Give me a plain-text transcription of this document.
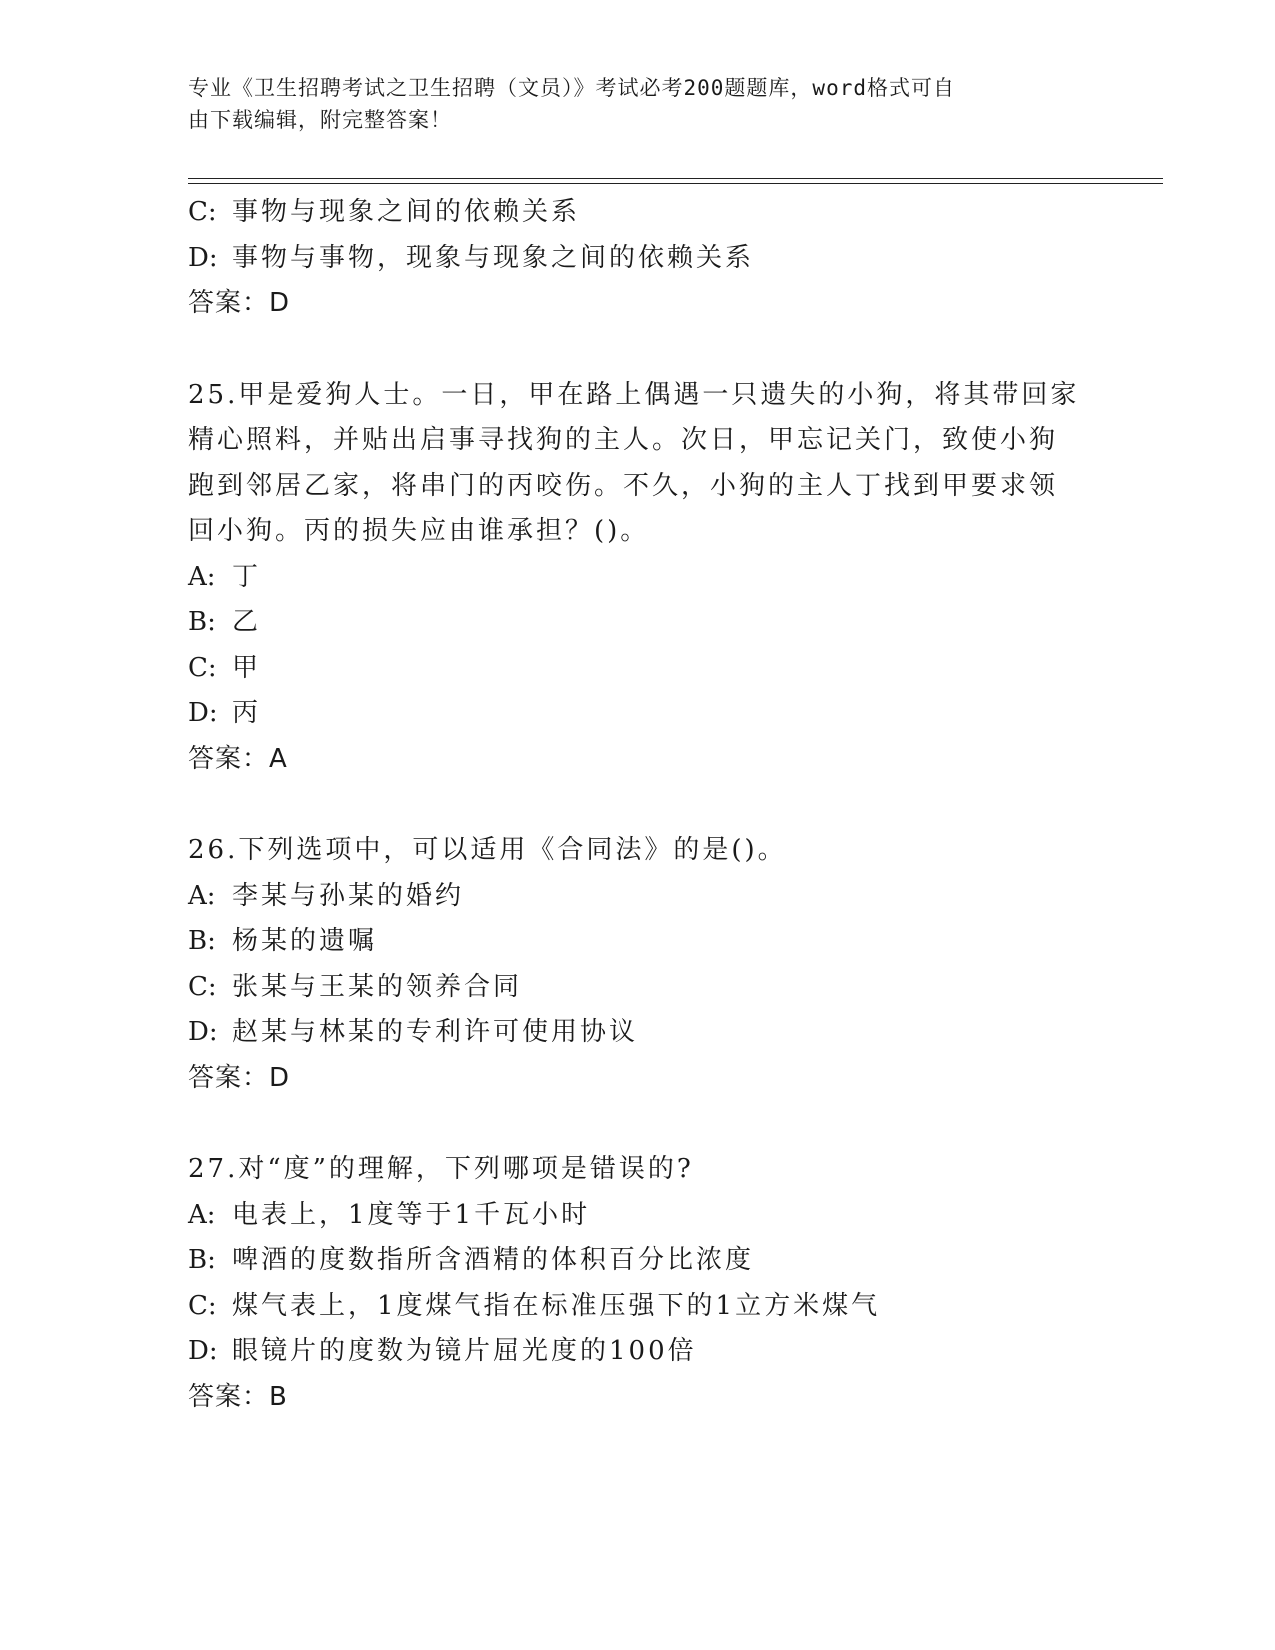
专业《卫生招聘考试之卫生招聘（文员）》考试必考200题题库，word格式可自
由下载编辑，附完整答案！
C: 事物与现象之间的依赖关系
D: 事物与事物，现象与现象之间的依赖关系
答案：D
25.甲是爱狗人士。一日，甲在路上偶遇一只遗失的小狗，将其带回家
精心照料，并贴出启事寻找狗的主人。次日，甲忘记关门，致使小狗
跑到邻居乙家，将串门的丙咬伤。不久，小狗的主人丁找到甲要求领
回小狗。丙的损失应由谁承担？()。
A: 丁
B: 乙
C: 甲
D: 丙
答案：A
26.下列选项中，可以适用《合同法》的是()。
A: 李某与孙某的婚约
B: 杨某的遗嘱
C: 张某与王某的领养合同
D: 赵某与林某的专利许可使用协议
答案：D
27.对“度”的理解，下列哪项是错误的?
A: 电表上，1度等于1千瓦小时
B: 啤酒的度数指所含酒精的体积百分比浓度
C: 煤气表上，1度煤气指在标准压强下的1立方米煤气
D: 眼镜片的度数为镜片屈光度的100倍
答案：B
